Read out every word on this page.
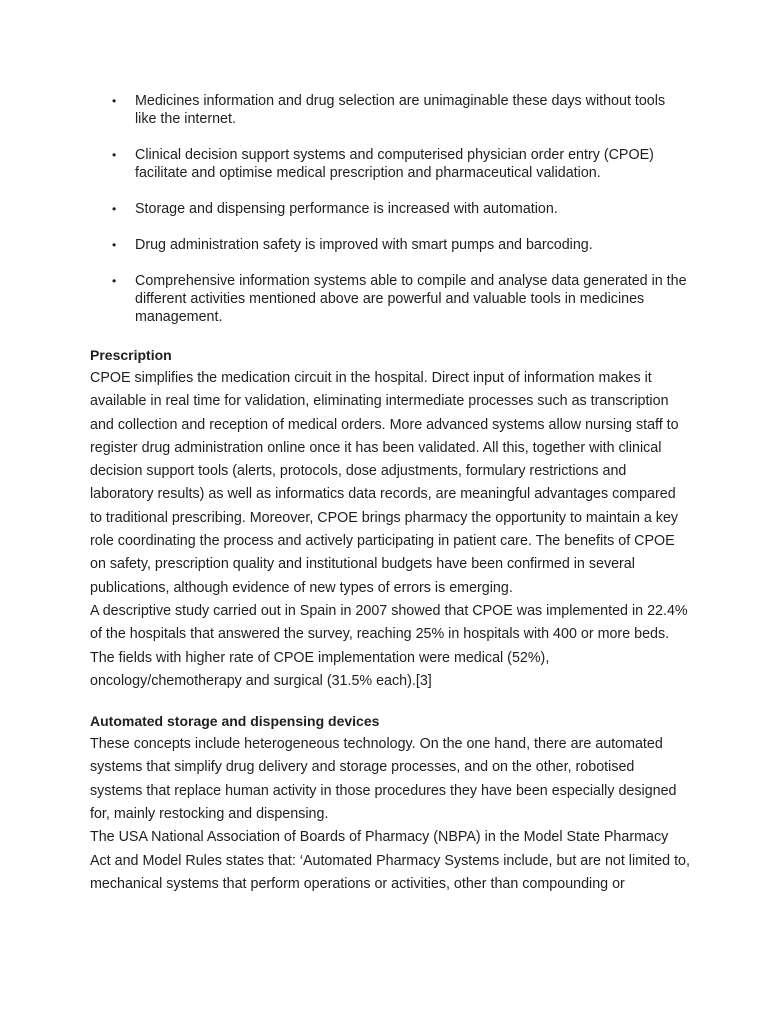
• Medicines information and drug selection are unimaginable these days without tools like the internet.
• Clinical decision support systems and computerised physician order entry (CPOE) facilitate and optimise medical prescription and pharmaceutical validation.
• Storage and dispensing performance is increased with automation.
• Drug administration safety is improved with smart pumps and barcoding.
• Comprehensive information systems able to compile and analyse data generated in the different activities mentioned above are powerful and valuable tools in medicines management.
Prescription

CPOE simplifies the medication circuit in the hospital. Direct input of information makes it available in real time for validation, eliminating intermediate processes such as transcription and collection and reception of medical orders. More advanced systems allow nursing staff to register drug administration online once it has been validated. All this, together with clinical decision support tools (alerts, protocols, dose adjustments, formulary restrictions and laboratory results) as well as informatics data records, are meaningful advantages compared to traditional prescribing. Moreover, CPOE brings pharmacy the opportunity to maintain a key role coordinating the process and actively participating in patient care. The benefits of CPOE on safety, prescription quality and institutional budgets have been confirmed in several publications, although evidence of new types of errors is emerging.

A descriptive study carried out in Spain in 2007 showed that CPOE was implemented in 22.4% of the hospitals that answered the survey, reaching 25% in hospitals with 400 or more beds. The fields with higher rate of CPOE implementation were medical (52%), oncology/chemotherapy and surgical (31.5% each).[3]

Automated storage and dispensing devices

These concepts include heterogeneous technology. On the one hand, there are automated systems that simplify drug delivery and storage processes, and on the other, robotised systems that replace human activity in those procedures they have been especially designed for, mainly restocking and dispensing.

The USA National Association of Boards of Pharmacy (NBPA) in the Model State Pharmacy Act and Model Rules states that: ‘Automated Pharmacy Systems include, but are not limited to, mechanical systems that perform operations or activities, other than compounding or
